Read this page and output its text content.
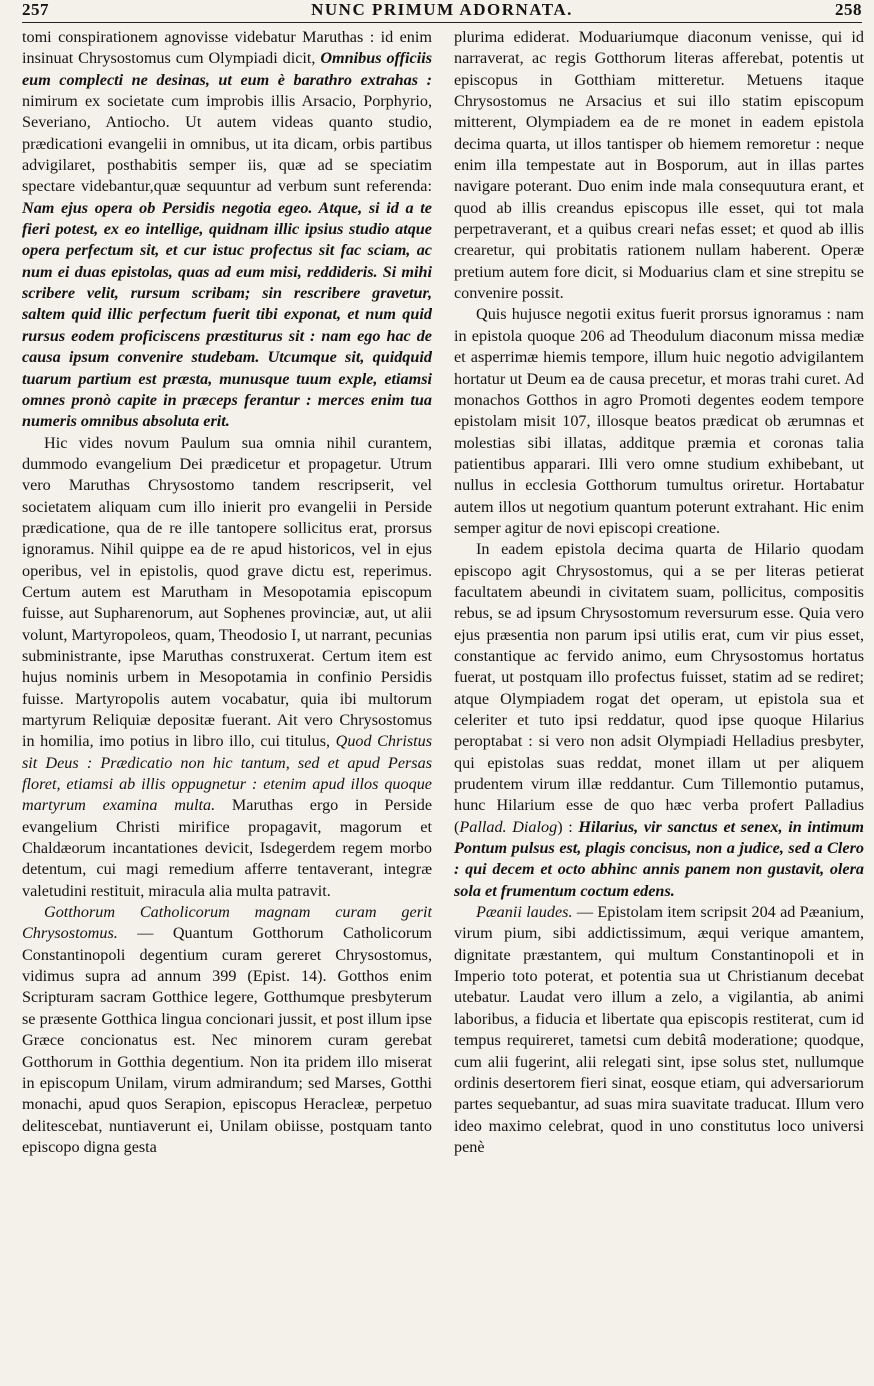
257	NUNC PRIMUM ADORNATA.	258

tomi conspirationem agnovisse videbatur Maruthas : id enim insinuat Chrysostomus cum Olympiadi dicit, Omnibus officiis eum complecti ne desinas, ut eum è barathro extrahas : nimirum ex societate cum improbis illis Arsacio, Porphyrio, Severiano, Antiocho. Ut autem videas quanto studio, prædicationi evangelii in omnibus, ut ita dicam, orbis partibus advigilaret, posthabitis semper iis, quæ ad se speciatim spectare videbantur,quæ sequuntur ad verbum sunt referenda: Nam ejus opera ob Persidis negotia egeo. Atque, si id a te fieri potest, ex eo intellige, quidnam illic ipsius studio atque opera perfectum sit, et cur istuc profectus sit fac sciam, ac num ei duas epistolas, quas ad eum misi, reddideris. Si mihi scribere velit, rursum scribam; sin rescribere gravetur, saltem quid illic perfectum fuerit tibi exponat, et num quid rursus eodem proficiscens præstiturus sit : nam ego hac de causa ipsum convenire studebam. Utcumque sit, quidquid tuarum partium est præsta, munusque tuum exple, etiamsi omnes pronò capite in præceps ferantur : merces enim tua numeris omnibus absoluta erit.

Hic vides novum Paulum sua omnia nihil curantem, dummodo evangelium Dei prædicetur et propagetur. Utrum vero Maruthas Chrysostomo tandem rescripserit, vel societatem aliquam cum illo inierit pro evangelii in Perside prædicatione, qua de re ille tantopere sollicitus erat, prorsus ignoramus. Nihil quippe ea de re apud historicos, vel in ejus operibus, vel in epistolis, quod grave dictu est, reperimus. Certum autem est Marutham in Mesopotamia episcopum fuisse, aut Supharenorum, aut Sophenes provinciæ, aut, ut alii volunt, Martyropoleos, quam, Theodosio I, ut narrant, pecunias subministrante, ipse Maruthas construxerat. Certum item est hujus nominis urbem in Mesopotamia in confinio Persidis fuisse. Martyropolis autem vocabatur, quia ibi multorum martyrum Reliquiæ depositæ fuerant. Ait vero Chrysostomus in homilia, imo potius in libro illo, cui titulus, Quod Christus sit Deus : Prædicatio non hic tantum, sed et apud Persas floret, etiamsi ab illis oppugnetur : etenim apud illos quoque martyrum examina multa. Maruthas ergo in Perside evangelium Christi mirifice propagavit, magorum et Chaldæorum incantationes devicit, Isdegerdem regem morbo detentum, cui magi remedium afferre tentaverant, integræ valetudini restituit, miracula alia multa patravit.

Gotthorum Catholicorum magnam curam gerit Chrysostomus. — Quantum Gotthorum Catholicorum Constantinopoli degentium curam gereret Chrysostomus, vidimus supra ad annum 399 (Epist. 14). Gotthos enim Scripturam sacram Gotthice legere, Gotthumque presbyterum se præsente Gotthica lingua concionari jussit, et post illum ipse Græce concionatus est. Nec minorem curam gerebat Gotthorum in Gotthia degentium. Non ita pridem illo miserat in episcopum Unilam, virum admirandum; sed Marses, Gotthi monachi, apud quos Serapion, episcopus Heracleæ, perpetuo delitescebat, nuntiaverunt ei, Unilam obiisse, postquam tanto episcopo digna gesta

plurima ediderat. Moduariumque diaconum venisse, qui id narraverat, ac regis Gotthorum literas afferebat, potentis ut episcopus in Gotthiam mitteretur. Metuens itaque Chrysostomus ne Arsacius et sui illo statim episcopum mitterent, Olympiadem ea de re monet in eadem epistola decima quarta, ut illos tantisper ob hiemem remoretur : neque enim illa tempestate aut in Bosporum, aut in illas partes navigare poterant. Duo enim inde mala consequutura erant, et quod ab illis creandus episcopus ille esset, qui tot mala perpetraverant, et a quibus creari nefas esset; et quod ab illis crearetur, qui probitatis rationem nullam haberent. Operæ pretium autem fore dicit, si Moduarius clam et sine strepitu se convenire possit.

Quis hujusce negotii exitus fuerit prorsus ignoramus : nam in epistola quoque 206 ad Theodulum diaconum missa mediæ et asperrimæ hiemis tempore, illum huic negotio advigilantem hortatur ut Deum ea de causa precetur, et moras trahi curet. Ad monachos Gotthos in agro Promoti degentes eodem tempore epistolam misit 107, illosque beatos prædicat ob ærumnas et molestias sibi illatas, additque præmia et coronas talia patientibus apparari. Illi vero omne studium exhibebant, ut nullus in ecclesia Gotthorum tumultus oriretur. Hortabatur autem illos ut negotium quantum poterunt extrahant. Hic enim semper agitur de novi episcopi creatione.

In eadem epistola decima quarta de Hilario quodam episcopo agit Chrysostomus, qui a se per literas petierat facultatem abeundi in civitatem suam, pollicitus, compositis rebus, se ad ipsum Chrysostomum reversurum esse. Quia vero ejus præsentia non parum ipsi utilis erat, cum vir pius esset, constantique ac fervido animo, eum Chrysostomus hortatus fuerat, ut postquam illo profectus fuisset, statim ad se rediret; atque Olympiadem rogat det operam, ut epistola sua et celeriter et tuto ipsi reddatur, quod ipse quoque Hilarius peroptabat : si vero non adsit Olympiadi Helladius presbyter, qui epistolas suas reddat, monet illam ut per aliquem prudentem virum illæ reddantur. Cum Tillemontio putamus, hunc Hilarium esse de quo hæc verba profert Palladius (Pallad. Dialog) : Hilarius, vir sanctus et senex, in intimum Pontum pulsus est, plagis concisus, non a judice, sed a Clero : qui decem et octo abhinc annis panem non gustavit, olera sola et frumentum coctum edens.

Pæanii laudes. — Epistolam item scripsit 204 ad Pæanium, virum pium, sibi addictissimum, æqui verique amantem, dignitate præstantem, qui multum Constantinopoli et in Imperio toto poterat, et potentia sua ut Christianum decebat utebatur. Laudat vero illum a zelo, a vigilantia, ab animi laboribus, a fiducia et libertate qua episcopis restiterat, cum id tempus requireret, tametsi cum debitâ moderatione; quodque, cum alii fugerint, alii relegati sint, ipse solus stet, nullumque ordinis desertorem fieri sinat, eosque etiam, qui adversariorum partes sequebantur, ad suas mira suavitate traducat. Illum vero ideo maximo celebrat, quod in uno constitutus loco universi penè
